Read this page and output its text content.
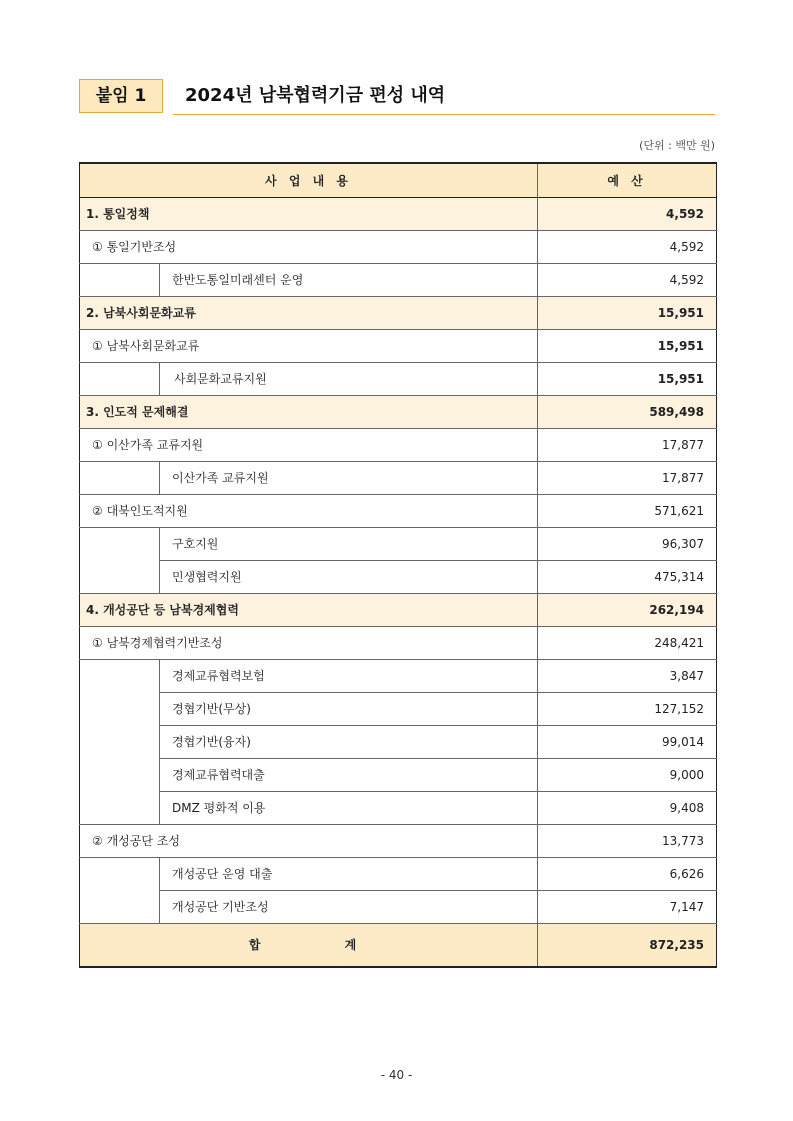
붙임 1	2024년 남북협력기금 편성 내역
(단위 : 백만 원)
사 업 내 용		예 산
1. 통일정책		4,592
① 통일기반조성		4,592
	한반도통일미래센터 운영	4,592
2. 남북사회문화교류		15,951
① 남북사회문화교류		15,951
	사회문화교류지원	15,951
3. 인도적 문제해결		589,498
① 이산가족 교류지원		17,877
	이산가족 교류지원	17,877
② 대북인도적지원		571,621
	구호지원	96,307
	민생협력지원	475,314
4. 개성공단 등 남북경제협력		262,194
① 남북경제협력기반조성		248,421
	경제교류협력보험	3,847
	경협기반(무상)	127,152
	경협기반(융자)	99,014
	경제교류협력대출	9,000
	DMZ 평화적 이용	9,408
② 개성공단 조성		13,773
	개성공단 운영 대출	6,626
	개성공단 기반조성	7,147
합 계		872,235
- 40 -
